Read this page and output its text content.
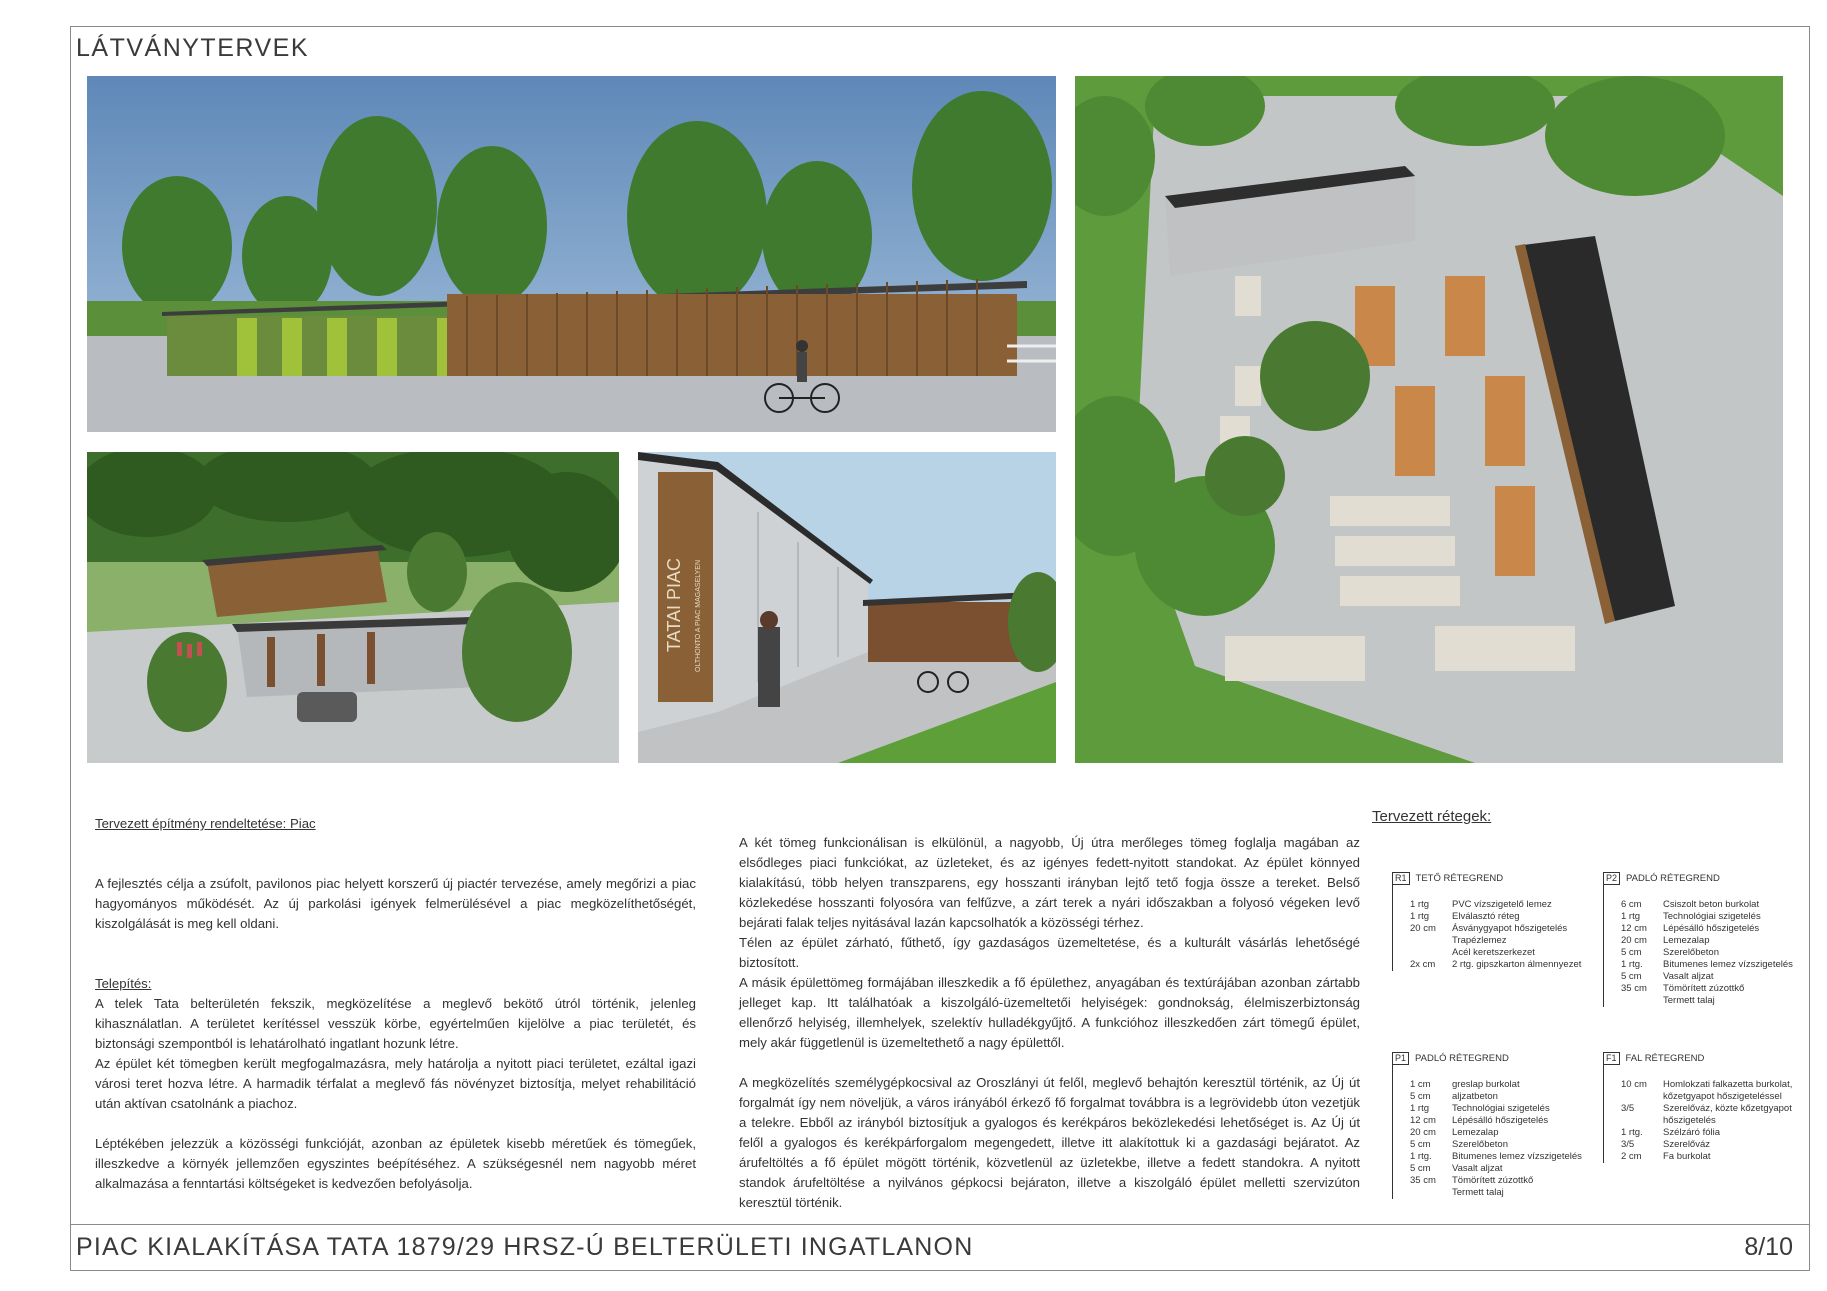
LÁTVÁNYTERVEK
TATAI PIAC OLTHONTO A PIAC MAGASELYEN

Tervezett építmény rendeltetése: Piac

A fejlesztés célja a zsúfolt, pavilonos piac helyett korszerű új piactér tervezése, amely megőrizi a piac hagyományos működését. Az új parkolási igények felmerülésével a piac megközelíthetőségét, kiszolgálását is meg kell oldani.

Telepítés:

A telek Tata belterületén fekszik, megközelítése a meglevő bekötő útról történik, jelenleg kihasználatlan. A területet kerítéssel vesszük körbe, egyértelműen kijelölve a piac területét, és biztonsági szempontból is lehatárolható ingatlant hozunk létre.

Az épület két tömegben került megfogalmazásra, mely határolja a nyitott piaci területet, ezáltal igazi városi teret hozva létre. A harmadik térfalat a meglevő fás növényzet biztosítja, melyet rehabilitáció után aktívan csatolnánk a piachoz.

Léptékében jelezzük a közösségi funkcióját, azonban az épületek kisebb méretűek és tömegűek, illeszkedve a környék jellemzően egyszintes beépítéséhez. A szükségesnél nem nagyobb méret alkalmazása a fenntartási költségeket is kedvezően befolyásolja.

A két tömeg funkcionálisan is elkülönül, a nagyobb, Új útra merőleges tömeg foglalja magában az elsődleges piaci funkciókat, az üzleteket, és az igényes fedett-nyitott standokat. Az épület könnyed kialakítású, több helyen transzparens, egy hosszanti irányban lejtő tető fogja össze a tereket. Belső közlekedése hosszanti folyosóra van felfűzve, a zárt terek a nyári időszakban a folyosó végeken levő bejárati falak teljes nyitásával lazán kapcsolhatók a közösségi térhez.

Télen az épület zárható, fűthető, így gazdaságos üzemeltetése, és a kulturált vásárlás lehetőségé biztosított.

A másik épülettömeg formájában illeszkedik a fő épülethez, anyagában és textúrájában azonban zártabb jelleget kap. Itt találhatóak a kiszolgáló-üzemeltetői helyiségek: gondnokság, élelmiszerbiztonság ellenőrző helyiség, illemhelyek, szelektív hulladékgyűjtő. A funkcióhoz illeszkedően zárt tömegű épület, mely akár függetlenül is üzemeltethető a nagy épülettől.

A megközelítés személygépkocsival az Oroszlányi út felől, meglevő behajtón keresztül történik, az Új út forgalmát így nem növeljük, a város irányából érkező fő forgalmat továbbra is a legrövidebb úton vezetjük a telekre. Ebből az irányból biztosítjuk a gyalogos és kerékpáros beközlekedési lehetőséget is. Az Új út felől a gyalogos és kerékpárforgalom megengedett, illetve itt alakítottuk ki a gazdasági bejáratot. Az árufeltöltés a fő épület mögött történik, közvetlenül az üzletekbe, illetve a fedett standokra. A nyitott standok árufeltöltése a nyilvános gépkocsi bejáraton, illetve a kiszolgáló épület melletti szervizúton keresztül történik.

Tervezett rétegek:
R1 TETŐ RÉTEGREND
1 rtg	PVC vízszigetelő lemez
1 rtg	Elválasztó réteg
20 cm	Ásványgyapot hőszigetelés
Trapézlemez
Acél keretszerkezet
2x cm	2 rtg. gipszkarton álmennyezet
P2 PADLÓ RÉTEGREND
6 cm	Csiszolt beton burkolat
1 rtg	Technológiai szigetelés
12 cm	Lépésálló hőszigetelés
20 cm	Lemezalap
5 cm	Szerelőbeton
1 rtg.	Bitumenes lemez vízszigetelés
5 cm	Vasalt aljzat
35 cm	Tömörített zúzottkő
Termett talaj
P1 PADLÓ RÉTEGREND
1 cm	greslap burkolat
5 cm	aljzatbeton
1 rtg	Technológiai szigetelés
12 cm	Lépésálló hőszigetelés
20 cm	Lemezalap
5 cm	Szerelőbeton
1 rtg.	Bitumenes lemez vízszigetelés
5 cm	Vasalt aljzat
35 cm	Tömörített zúzottkő
Termett talaj
F1 FAL RÉTEGREND
10 cm	Homlokzati falkazetta burkolat, kőzetgyapot hőszigeteléssel
3/5	Szerelőváz, közte kőzetgyapot hőszigetelés
1 rtg.	Szélzáró fólia
3/5	Szerelőváz
2 cm	Fa burkolat
PIAC KIALAKÍTÁSA TATA 1879/29 HRSZ-Ú BELTERÜLETI INGATLANON	8/10
